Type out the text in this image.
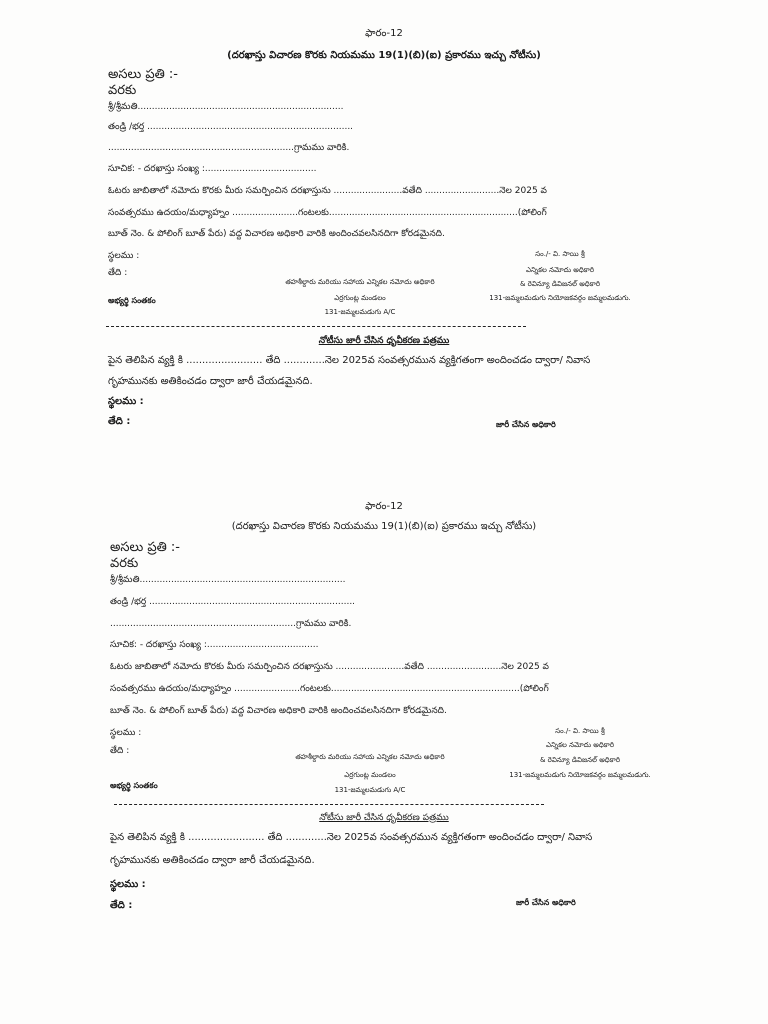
ఫారం-12
(దరఖాస్తు విచారణ కొరకు నియమము 19(1)(బి)(ఐ) ప్రకారము ఇచ్చు నోటీసు)
అసలు ప్రతి :-
వరకు
శ్రీ/శ్రీమతి........................................................................
తండ్రి /భర్త ........................................................................
.................................................................గ్రామము వారికి.
సూచిక: - దరఖాస్తు సంఖ్య :.......................................
ఓటరు జాబితాలో నమోదు కొరకు మీరు సమర్పించిన దరఖాస్తును ........................వతేది ..........................నెల 2025 వ
సంవత్సరము ఉదయం/మధ్యాహ్నం .......................గంటలకు..................................................................(పోలింగ్
బూత్ నెం. & పోలింగ్ బూత్ పేరు) వద్ద విచారణ అధికారి వారికి అందించవలసినదిగా కోరడమైనది.
స్థలము :
తేది :
అభ్యర్థి సంతకం
తహశీల్దారు మరియు సహాయ ఎన్నికల నమోదు అధికారి
ఎర్రగుంట్ల మండలం
131-జమ్మలమడుగు A/C
సం./- వి. సాయి శ్రీ
ఎన్నికల నమోదు అధికారి
& రెవిన్యూ డివిజనల్ అధికారి
131-జమ్మలమడుగు నియోజకవర్గం జమ్మలమడుగు.
నోటీసు జారీ చేసిన ధృవీకరణ పత్రము
పైన తెలిపిన వ్యక్తి కి ........................ తేది .............నెల 2025వ సంవత్సరమున వ్యక్తిగతంగా అందించడం ద్వారా/ నివాస
గృహమునకు అతికించడం ద్వారా జారీ చేయడమైనది.
స్థలము :
తేది :	జారీ చేసిన అధికారి
ఫారం-12
(దరఖాస్తు విచారణ కొరకు నియమము 19(1)(బి)(ఐ) ప్రకారము ఇచ్చు నోటీసు)
అసలు ప్రతి :-
వరకు
శ్రీ/శ్రీమతి........................................................................
తండ్రి /భర్త ........................................................................
.................................................................గ్రామము వారికి.
సూచిక: - దరఖాస్తు సంఖ్య :.......................................
ఓటరు జాబితాలో నమోదు కొరకు మీరు సమర్పించిన దరఖాస్తును ........................వతేది ..........................నెల 2025 వ
సంవత్సరము ఉదయం/మధ్యాహ్నం .......................గంటలకు..................................................................(పోలింగ్
బూత్ నెం. & పోలింగ్ బూత్ పేరు) వద్ద విచారణ అధికారి వారికి అందించవలసినదిగా కోరడమైనది.
స్థలము :
తేది :
అభ్యర్థి సంతకం
తహశీల్దారు మరియు సహాయ ఎన్నికల నమోదు అధికారి
ఎర్రగుంట్ల మండలం
131-జమ్మలమడుగు A/C
సం./- వి. సాయి శ్రీ
ఎన్నికల నమోదు అధికారి
& రెవిన్యూ డివిజనల్ అధికారి
131-జమ్మలమడుగు నియోజకవర్గం జమ్మలమడుగు.
నోటీసు జారీ చేసిన ధృవీకరణ పత్రము
పైన తెలిపిన వ్యక్తి కి ........................ తేది .............నెల 2025వ సంవత్సరమున వ్యక్తిగతంగా అందించడం ద్వారా/ నివాస
గృహమునకు అతికించడం ద్వారా జారీ చేయడమైనది.
స్థలము :
తేది :	జారీ చేసిన అధికారి
